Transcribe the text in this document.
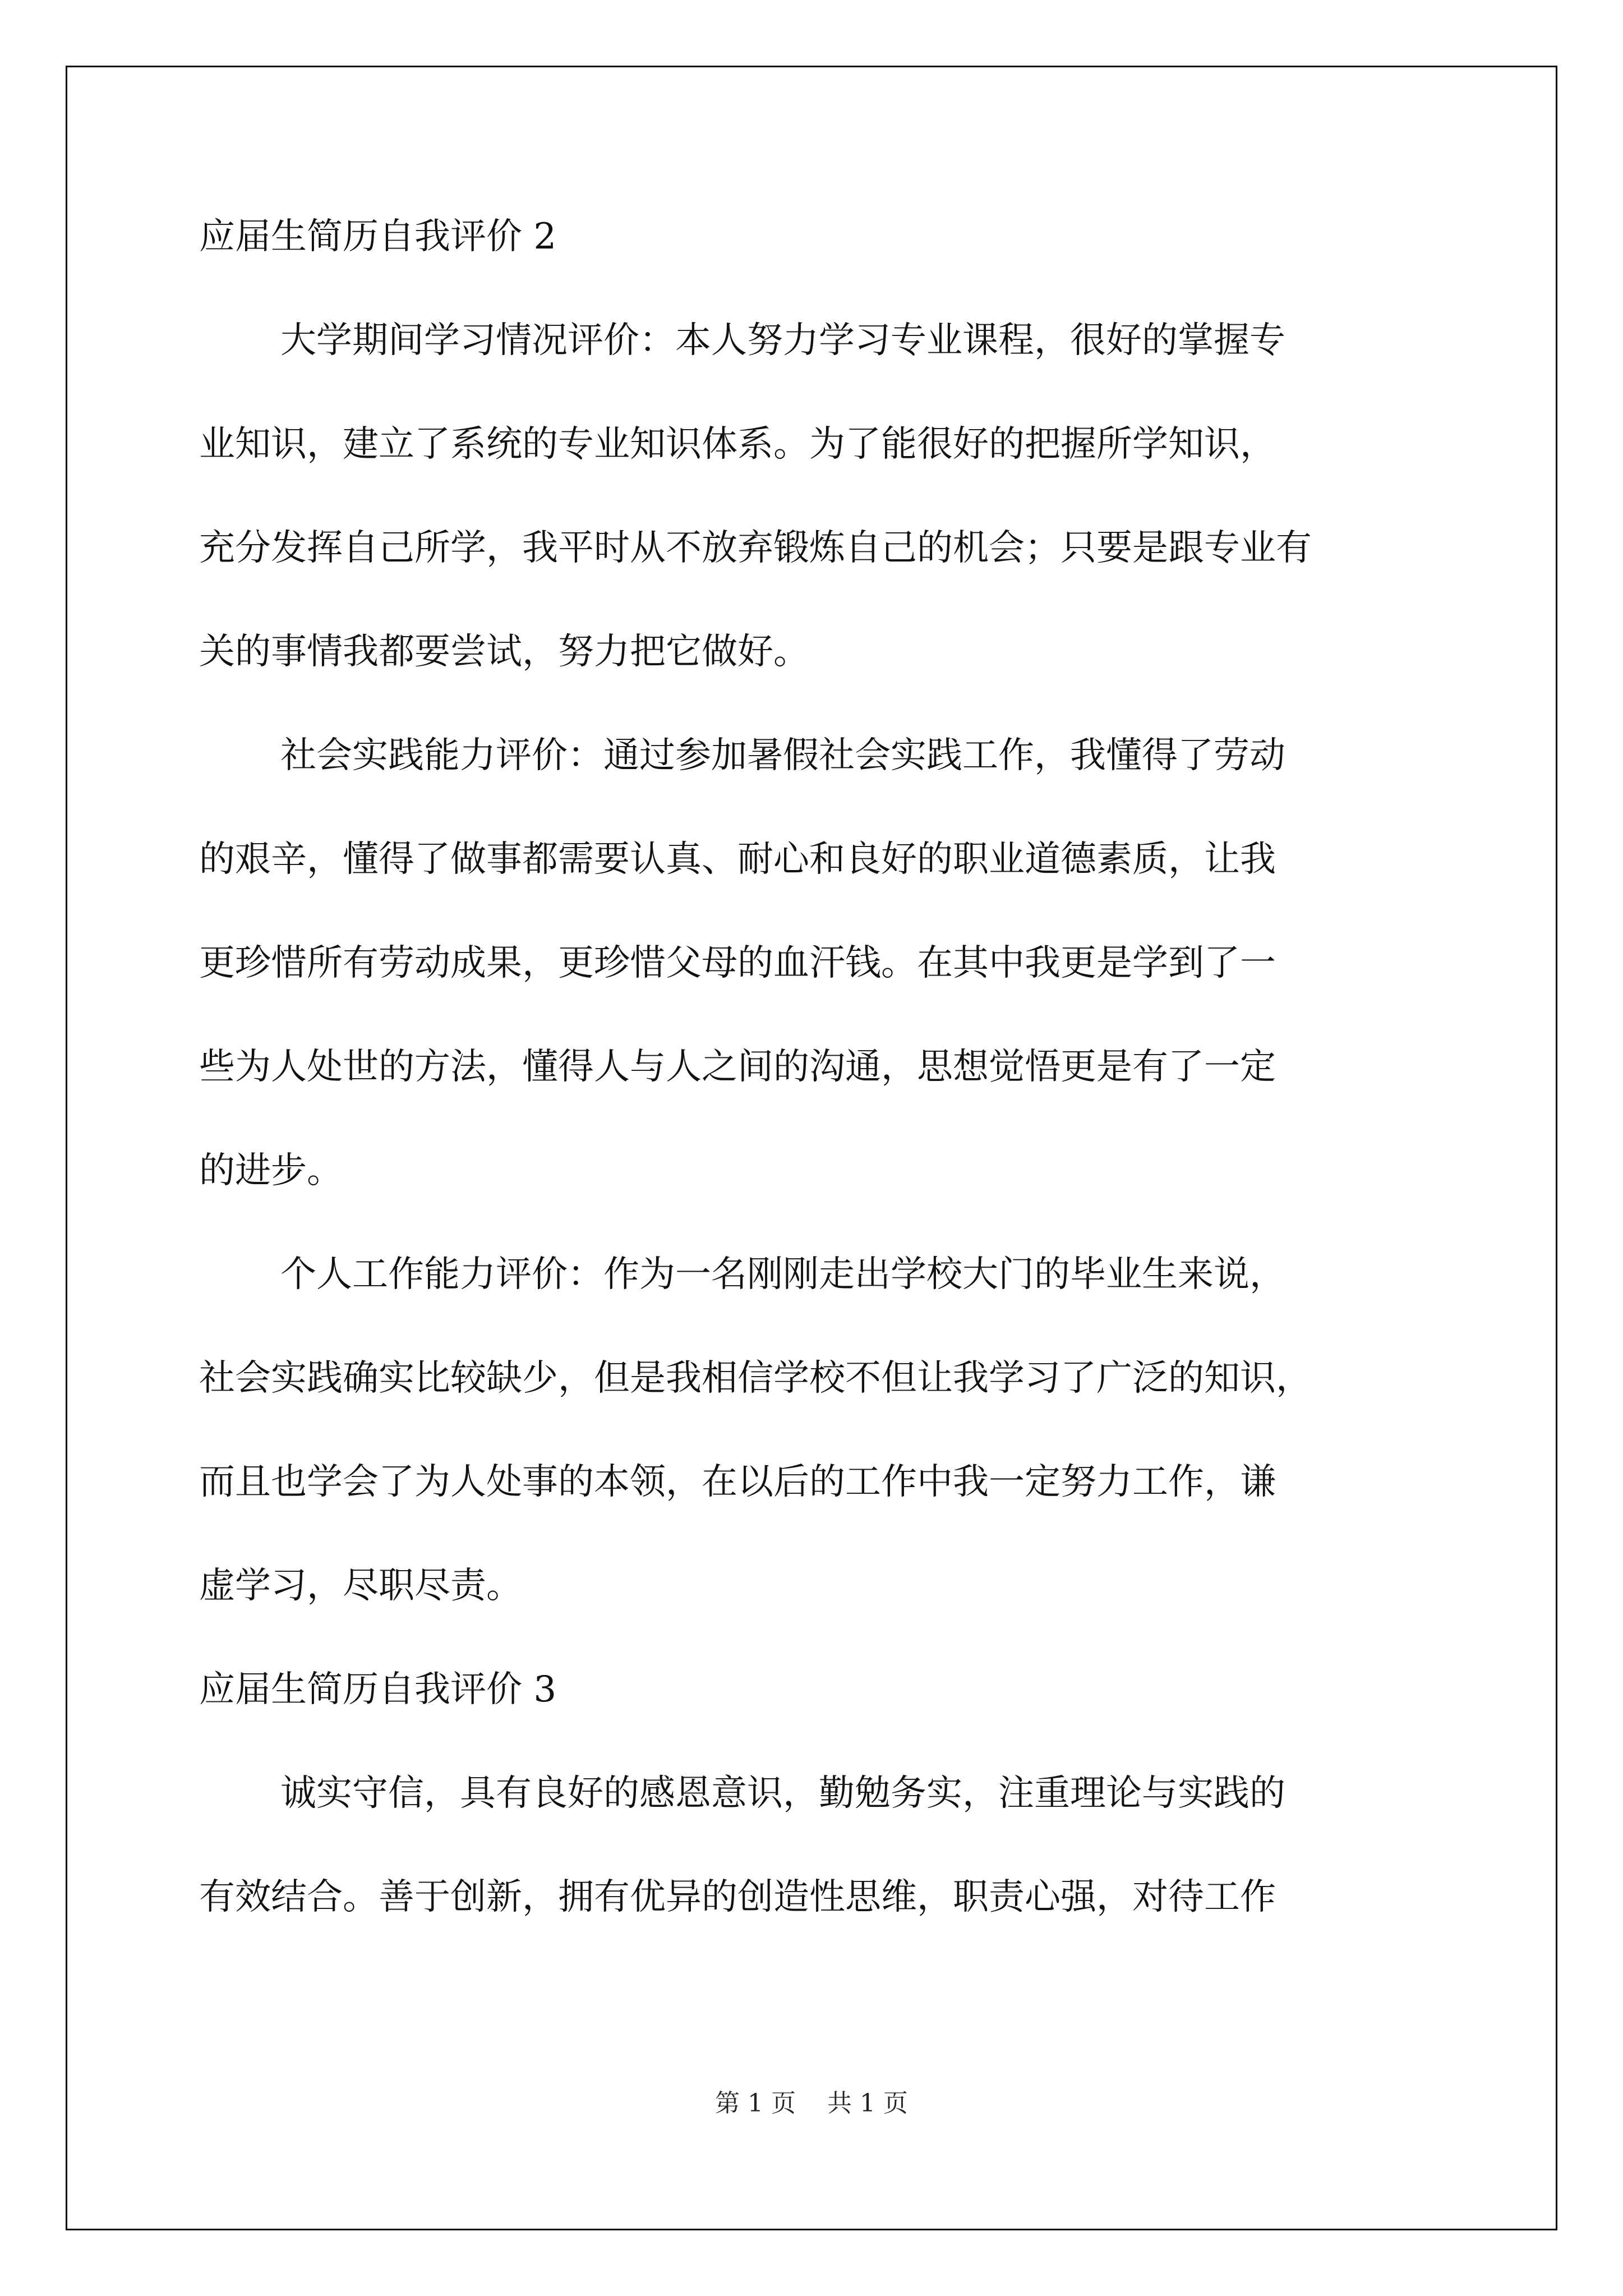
应届生简历自我评价 2
大学期间学习情况评价：本人努力学习专业课程，很好的掌握专
业知识，建立了系统的专业知识体系。为了能很好的把握所学知识，
充分发挥自己所学，我平时从不放弃锻炼自己的机会；只要是跟专业有
关的事情我都要尝试，努力把它做好。
社会实践能力评价：通过参加暑假社会实践工作，我懂得了劳动
的艰辛，懂得了做事都需要认真、耐心和良好的职业道德素质，让我
更珍惜所有劳动成果，更珍惜父母的血汗钱。在其中我更是学到了一
些为人处世的方法，懂得人与人之间的沟通，思想觉悟更是有了一定
的进步。
个人工作能力评价：作为一名刚刚走出学校大门的毕业生来说，
社会实践确实比较缺少，但是我相信学校不但让我学习了广泛的知识，
而且也学会了为人处事的本领，在以后的工作中我一定努力工作，谦
虚学习，尽职尽责。
应届生简历自我评价 3
诚实守信，具有良好的感恩意识，勤勉务实，注重理论与实践的
有效结合。善于创新，拥有优异的创造性思维，职责心强，对待工作
第 1 页    共 1 页
